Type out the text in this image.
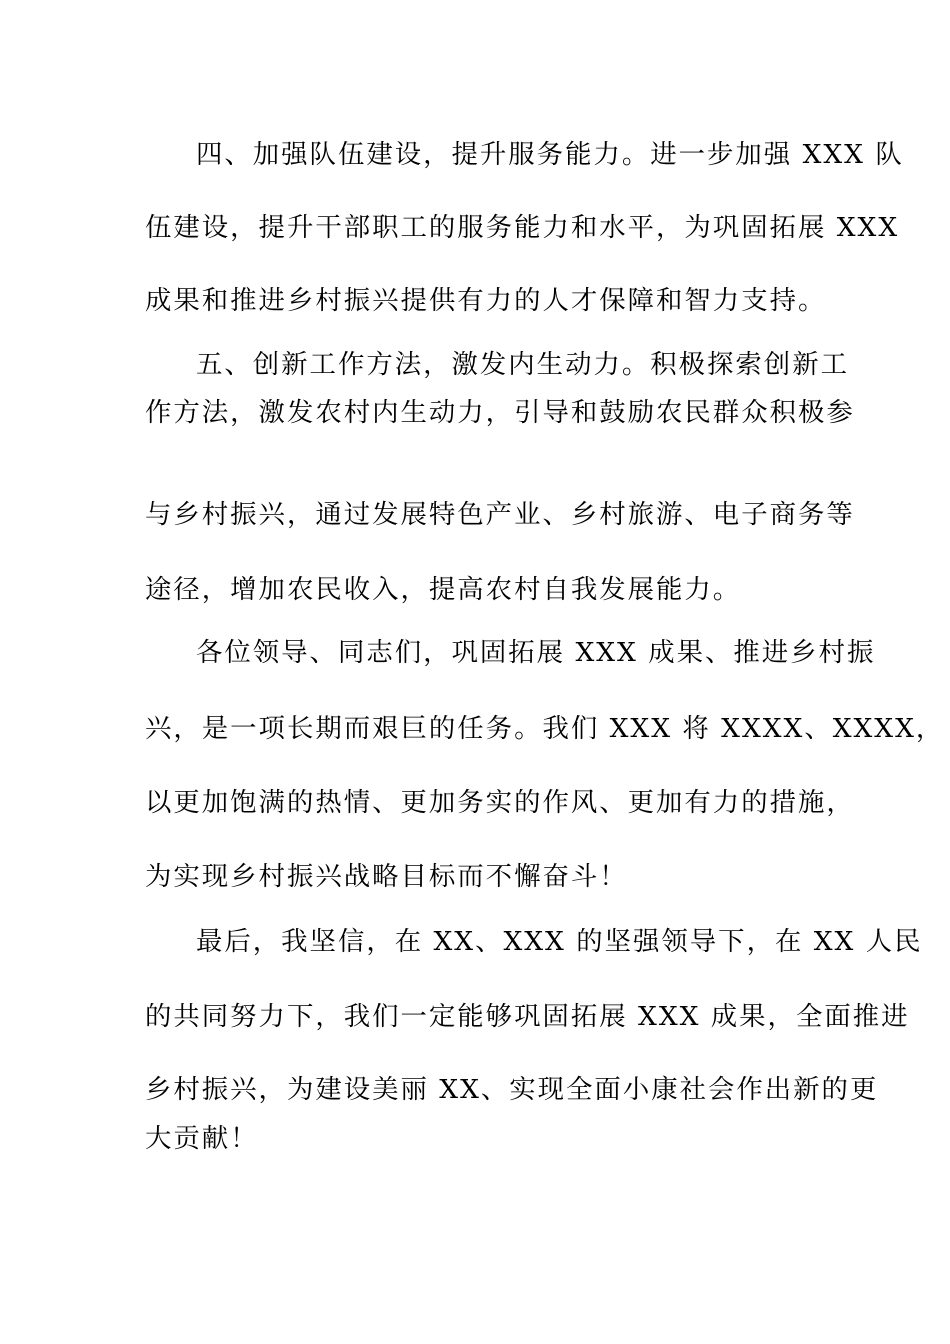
四、加强队伍建设，提升服务能力。进一步加强 XXX 队
伍建设，提升干部职工的服务能力和水平，为巩固拓展 XXX
成果和推进乡村振兴提供有力的人才保障和智力支持。
五、创新工作方法，激发内生动力。积极探索创新工
作方法，激发农村内生动力，引导和鼓励农民群众积极参
与乡村振兴，通过发展特色产业、乡村旅游、电子商务等
途径，增加农民收入，提高农村自我发展能力。
各位领导、同志们，巩固拓展 XXX 成果、推进乡村振
兴，是一项长期而艰巨的任务。我们 XXX 将 XXXX、XXXX，
以更加饱满的热情、更加务实的作风、更加有力的措施，
为实现乡村振兴战略目标而不懈奋斗！
最后，我坚信，在 XX、XXX 的坚强领导下，在 XX 人民
的共同努力下，我们一定能够巩固拓展 XXX 成果，全面推进
乡村振兴，为建设美丽 XX、实现全面小康社会作出新的更
大贡献！
